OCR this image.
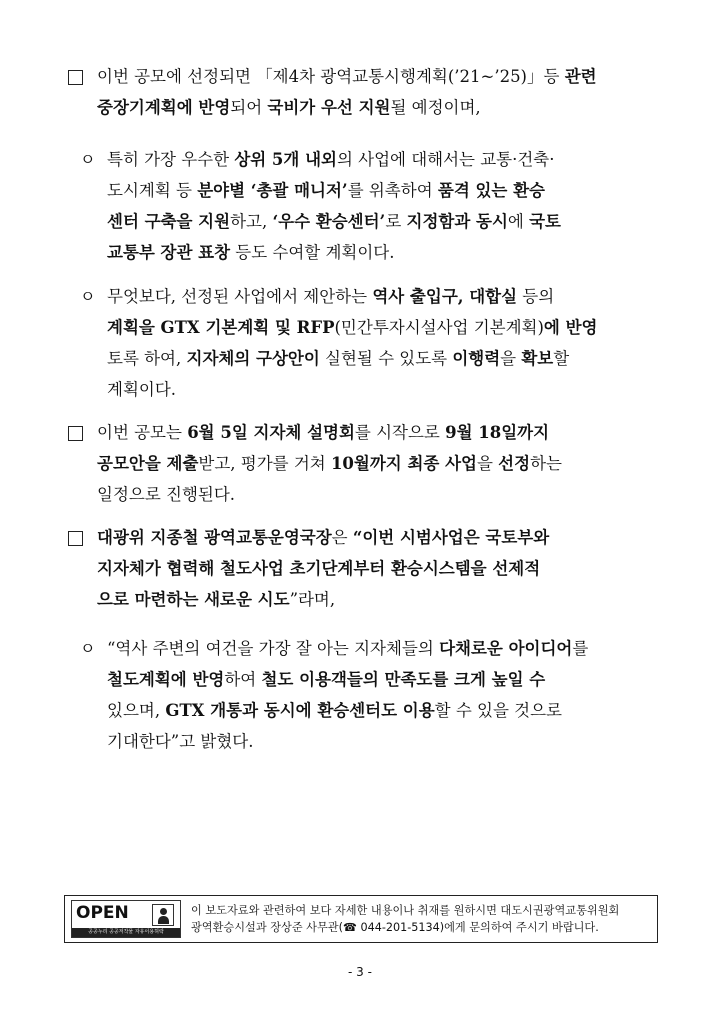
이번 공모에 선정되면 「제4차 광역교통시행계획(’21~’25)」등 관련
중장기계획에 반영되어 국비가 우선 지원될 예정이며,
ㅇ 특히 가장 우수한 상위 5개 내외의 사업에 대해서는 교통·건축·
도시계획 등 분야별 ‘총괄 매니저’를 위촉하여 품격 있는 환승
센터 구축을 지원하고, ‘우수 환승센터’로 지정함과 동시에 국토
교통부 장관 표창 등도 수여할 계획이다.
ㅇ 무엇보다, 선정된 사업에서 제안하는 역사 출입구, 대합실 등의
계획을 GTX 기본계획 및 RFP(민간투자시설사업 기본계획)에 반영
토록 하여, 지자체의 구상안이 실현될 수 있도록 이행력을 확보할
계획이다.
이번 공모는 6월 5일 지자체 설명회를 시작으로 9월 18일까지
공모안을 제출받고, 평가를 거쳐 10월까지 최종 사업을 선정하는
일정으로 진행된다.
대광위 지종철 광역교통운영국장은 “이번 시범사업은 국토부와
지자체가 협력해 철도사업 초기단계부터 환승시스템을 선제적
으로 마련하는 새로운 시도”라며,
ㅇ “역사 주변의 여건을 가장 잘 아는 지자체들의 다채로운 아이디어를
철도계획에 반영하여 철도 이용객들의 만족도를 크게 높일 수
있으며, GTX 개통과 동시에 환승센터도 이용할 수 있을 것으로
기대한다”고 밝혔다.
OPEN
공공누리 공공저작물 자유이용허락
이 보도자료와 관련하여 보다 자세한 내용이나 취재를 원하시면 대도시권광역교통위원회
광역환승시설과 장상준 사무관(☎ 044-201-5134)에게 문의하여 주시기 바랍니다.
- 3 -
